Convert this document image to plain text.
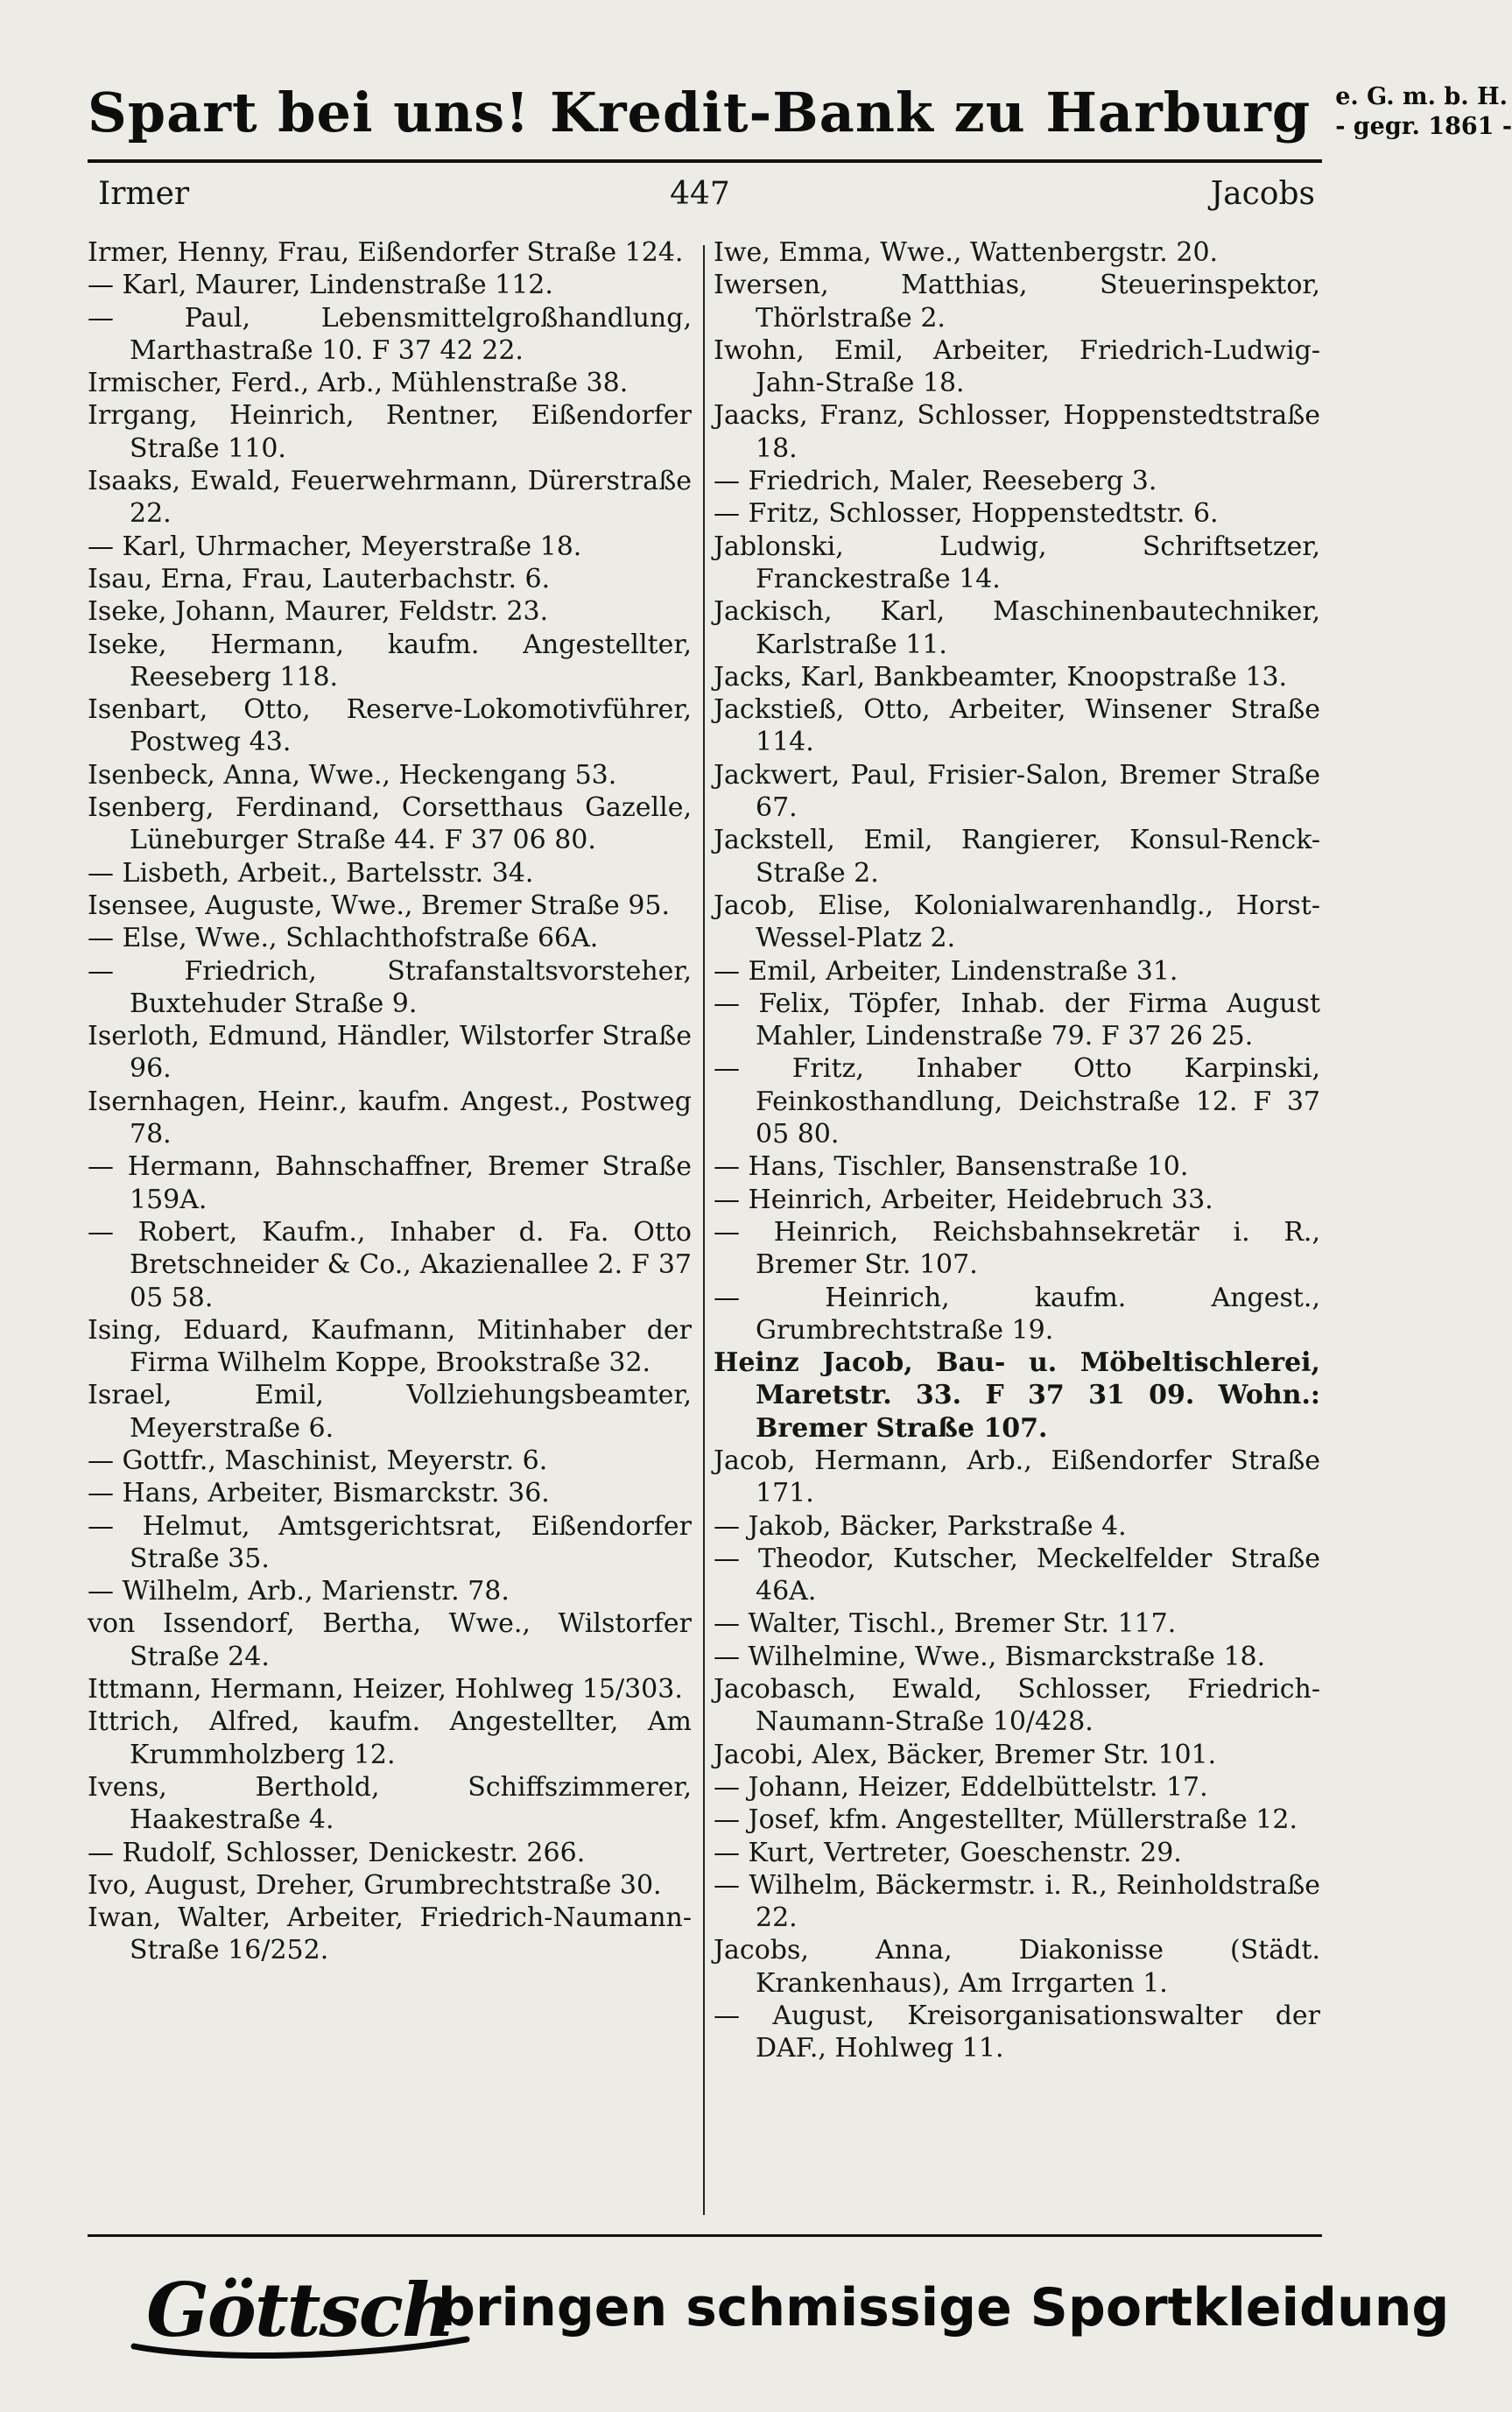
Spart bei uns! Kredit-Bank zu Harburg e. G. m. b. H.
- gegr. 1861 -
Irmer	447	Jacobs
Irmer, Henny, Frau, Eißendorfer Straße 124.
— Karl, Maurer, Lindenstraße 112.
— Paul, Lebensmittelgroßhandlung, Marthastraße 10. F 37 42 22.
Irmischer, Ferd., Arb., Mühlenstraße 38.
Irrgang, Heinrich, Rentner, Eißendorfer Straße 110.
Isaaks, Ewald, Feuerwehrmann, Dürerstraße 22.
— Karl, Uhrmacher, Meyerstraße 18.
Isau, Erna, Frau, Lauterbachstr. 6.
Iseke, Johann, Maurer, Feldstr. 23.
Iseke, Hermann, kaufm. Angestellter, Reeseberg 118.
Isenbart, Otto, Reserve-Lokomotivführer, Postweg 43.
Isenbeck, Anna, Wwe., Heckengang 53.
Isenberg, Ferdinand, Corsetthaus Gazelle, Lüneburger Straße 44. F 37 06 80.
— Lisbeth, Arbeit., Bartelsstr. 34.
Isensee, Auguste, Wwe., Bremer Straße 95.
— Else, Wwe., Schlachthofstraße 66A.
— Friedrich, Strafanstaltsvorsteher, Buxtehuder Straße 9.
Iserloth, Edmund, Händler, Wilstorfer Straße 96.
Isernhagen, Heinr., kaufm. Angest., Postweg 78.
— Hermann, Bahnschaffner, Bremer Straße 159A.
— Robert, Kaufm., Inhaber d. Fa. Otto Bretschneider & Co., Akazienallee 2. F 37 05 58.
Ising, Eduard, Kaufmann, Mitinhaber der Firma Wilhelm Koppe, Brookstraße 32.
Israel, Emil, Vollziehungsbeamter, Meyerstraße 6.
— Gottfr., Maschinist, Meyerstr. 6.
— Hans, Arbeiter, Bismarckstr. 36.
— Helmut, Amtsgerichtsrat, Eißendorfer Straße 35.
— Wilhelm, Arb., Marienstr. 78.
von Issendorf, Bertha, Wwe., Wilstorfer Straße 24.
Ittmann, Hermann, Heizer, Hohlweg 15/303.
Ittrich, Alfred, kaufm. Angestellter, Am Krummholzberg 12.
Ivens, Berthold, Schiffszimmerer, Haakestraße 4.
— Rudolf, Schlosser, Denickestr. 266.
Ivo, August, Dreher, Grumbrechtstraße 30.
Iwan, Walter, Arbeiter, Friedrich-Naumann-Straße 16/252.
Iwe, Emma, Wwe., Wattenbergstr. 20.
Iwersen, Matthias, Steuerinspektor, Thörlstraße 2.
Iwohn, Emil, Arbeiter, Friedrich-Ludwig-Jahn-Straße 18.
Jaacks, Franz, Schlosser, Hoppenstedtstraße 18.
— Friedrich, Maler, Reeseberg 3.
— Fritz, Schlosser, Hoppenstedtstr. 6.
Jablonski, Ludwig, Schriftsetzer, Franckestraße 14.
Jackisch, Karl, Maschinenbautechniker, Karlstraße 11.
Jacks, Karl, Bankbeamter, Knoopstraße 13.
Jackstieß, Otto, Arbeiter, Winsener Straße 114.
Jackwert, Paul, Frisier-Salon, Bremer Straße 67.
Jackstell, Emil, Rangierer, Konsul-Renck-Straße 2.
Jacob, Elise, Kolonialwarenhandlg., Horst-Wessel-Platz 2.
— Emil, Arbeiter, Lindenstraße 31.
— Felix, Töpfer, Inhab. der Firma August Mahler, Lindenstraße 79. F 37 26 25.
— Fritz, Inhaber Otto Karpinski, Feinkosthandlung, Deichstraße 12. F 37 05 80.
— Hans, Tischler, Bansenstraße 10.
— Heinrich, Arbeiter, Heidebruch 33.
— Heinrich, Reichsbahnsekretär i. R., Bremer Str. 107.
— Heinrich, kaufm. Angest., Grumbrechtstraße 19.
Heinz Jacob, Bau- u. Möbeltischlerei, Maretstr. 33. F 37 31 09. Wohn.: Bremer Straße 107.
Jacob, Hermann, Arb., Eißendorfer Straße 171.
— Jakob, Bäcker, Parkstraße 4.
— Theodor, Kutscher, Meckelfelder Straße 46A.
— Walter, Tischl., Bremer Str. 117.
— Wilhelmine, Wwe., Bismarckstraße 18.
Jacobasch, Ewald, Schlosser, Friedrich-Naumann-Straße 10/428.
Jacobi, Alex, Bäcker, Bremer Str. 101.
— Johann, Heizer, Eddelbüttelstr. 17.
— Josef, kfm. Angestellter, Müllerstraße 12.
— Kurt, Vertreter, Goeschenstr. 29.
— Wilhelm, Bäckermstr. i. R., Reinholdstraße 22.
Jacobs, Anna, Diakonisse (Städt. Krankenhaus), Am Irrgarten 1.
— August, Kreisorganisationswalter der DAF., Hohlweg 11.
Göttsch
bringen schmissige Sportkleidung
